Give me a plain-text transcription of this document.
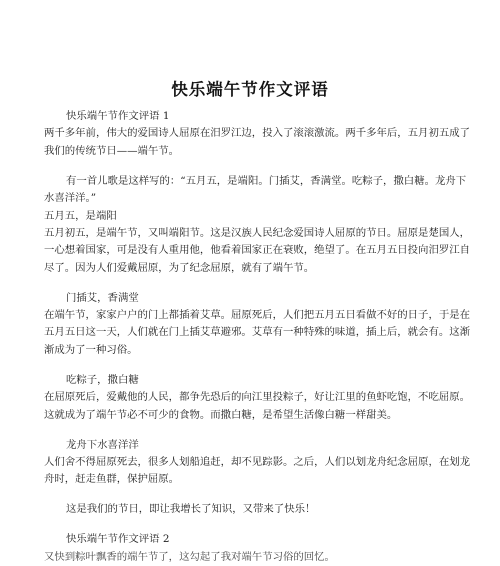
快乐端午节作文评语
快乐端午节作文评语 1
两千多年前，伟大的爱国诗人屈原在汨罗江边，投入了滚滚激流。两千多年后，五月初五成了
我们的传统节日——端午节。
有一首儿歌是这样写的：“五月五，是端阳。门插艾，香满堂。吃粽子，撒白糖。龙舟下
水喜洋洋。”
五月五，是端阳
五月初五，是端午节，又叫端阳节。这是汉族人民纪念爱国诗人屈原的节日。屈原是楚国人，
一心想着国家，可是没有人重用他，他看着国家正在衰败，绝望了。在五月五日投向汨罗江自
尽了。因为人们爱戴屈原，为了纪念屈原，就有了端午节。
门插艾，香满堂
在端午节，家家户户的门上都插着艾草。屈原死后，人们把五月五日看做不好的日子，于是在
五月五日这一天，人们就在门上插艾草避邪。艾草有一种特殊的味道，插上后，就会有。这渐
渐成为了一种习俗。
吃粽子，撒白糖
在屈原死后，爱戴他的人民，都争先恐后的向江里投粽子，好让江里的鱼虾吃饱，不吃屈原。
这就成为了端午节必不可少的食物。而撒白糖，是希望生活像白糖一样甜美。
龙舟下水喜洋洋
人们舍不得屈原死去，很多人划船追赶，却不见踪影。之后，人们以划龙舟纪念屈原，在划龙
舟时，赶走鱼群，保护屈原。
这是我们的节日，即让我增长了知识，又带来了快乐！
快乐端午节作文评语 2
又快到粽叶飘香的端午节了，这勾起了我对端午节习俗的回忆。
